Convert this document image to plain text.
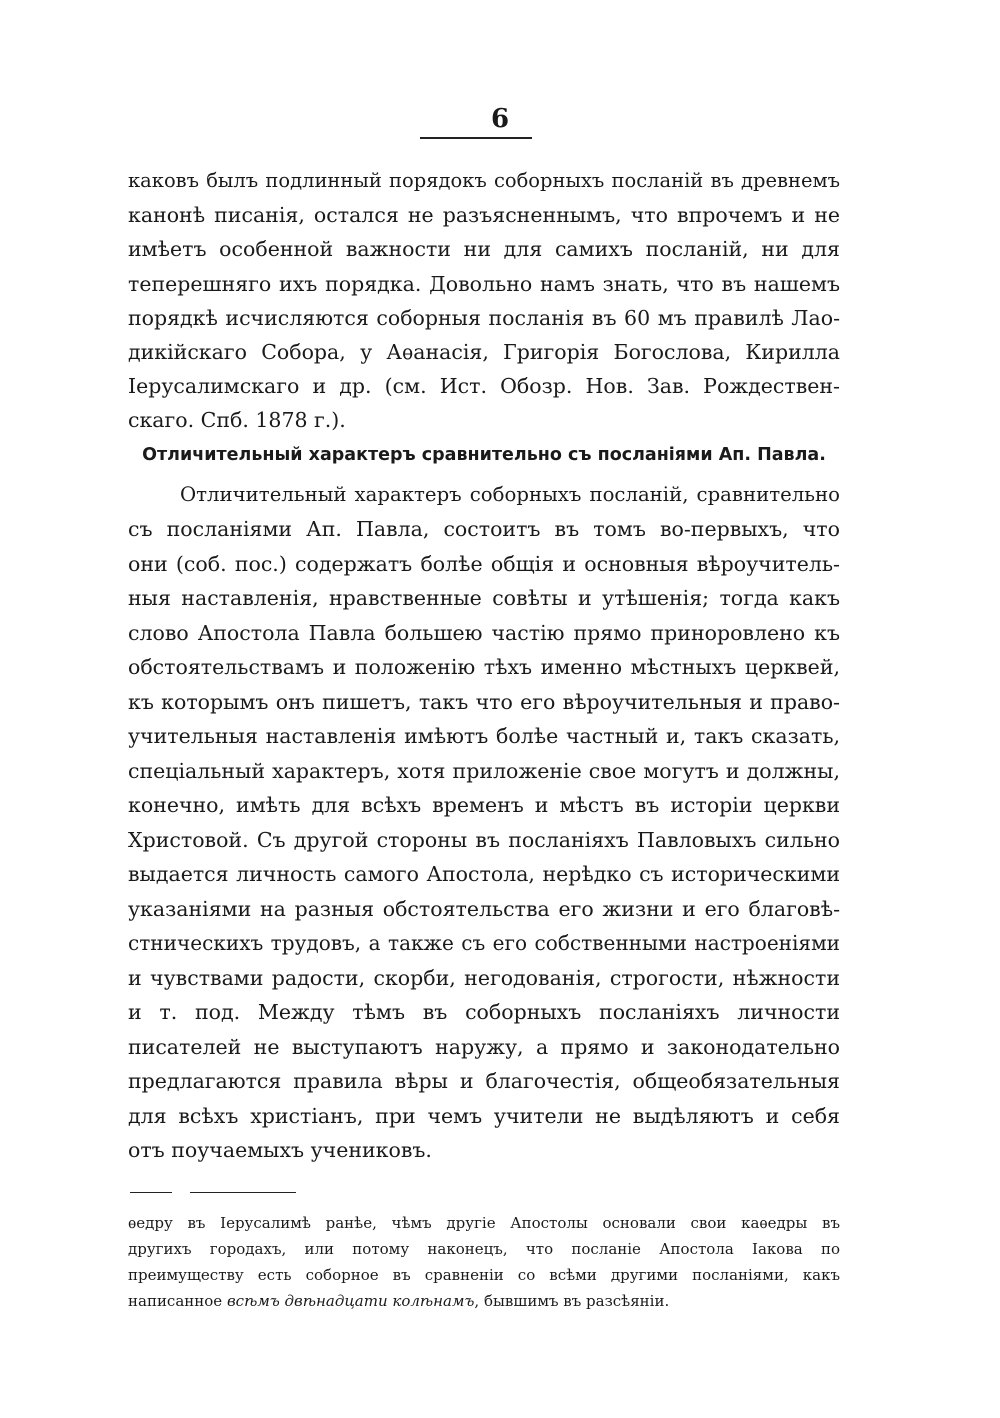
6
каковъ былъ подлинный порядокъ соборныхъ посланій въ древнемъ
канонѣ писанія, остался не разъясненнымъ, что впрочемъ и не
имѣетъ особенной важности ни для самихъ посланій, ни для
теперешняго ихъ порядка. Довольно намъ знать, что въ нашемъ
порядкѣ исчисляются соборныя посланія въ 60 мъ правилѣ Лао-
дикійскаго Собора, у Аѳанасія, Григорія Богослова, Кирилла
Іерусалимскаго и др. (см. Ист. Обозр. Нов. Зав. Рождествен-
скаго. Спб. 1878 г.).
Отличительный характеръ сравнительно съ посланіями Ап. Павла.
Отличительный характеръ соборныхъ посланій, сравнительно
съ посланіями Ап. Павла, состоитъ въ томъ во-первыхъ, что
они (соб. пос.) содержатъ болѣе общія и основныя вѣроучитель-
ныя наставленія, нравственные совѣты и утѣшенія; тогда какъ
слово Апостола Павла большею частію прямо приноровлено къ
обстоятельствамъ и положенію тѣхъ именно мѣстныхъ церквей,
къ которымъ онъ пишетъ, такъ что его вѣроучительныя и право-
учительныя наставленія имѣютъ болѣе частный и, такъ сказать,
спеціальный характеръ, хотя приложеніе свое могутъ и должны,
конечно, имѣть для всѣхъ временъ и мѣстъ въ исторіи церкви
Христовой. Съ другой стороны въ посланіяхъ Павловыхъ сильно
выдается личность самого Апостола, нерѣдко съ историческими
указаніями на разныя обстоятельства его жизни и его благовѣ-
стническихъ трудовъ, а также съ его собственными настроеніями
и чувствами радости, скорби, негодованія, строгости, нѣжности
и т. под. Между тѣмъ въ соборныхъ посланіяхъ личности
писателей не выступаютъ наружу, а прямо и законодательно
предлагаются правила вѣры и благочестія, общеобязательныя
для всѣхъ христіанъ, при чемъ учители не выдѣляютъ и себя
отъ поучаемыхъ учениковъ.
ѳедру въ Іерусалимѣ ранѣе, чѣмъ другіе Апостолы основали свои каѳедры въ
другихъ городахъ, или потому наконецъ, что посланіе Апостола Іакова по
преимуществу есть соборное въ сравненіи со всѣми другими посланіями, какъ
написанное всѣмъ двѣнадцати колѣнамъ, бывшимъ въ разсѣяніи.
